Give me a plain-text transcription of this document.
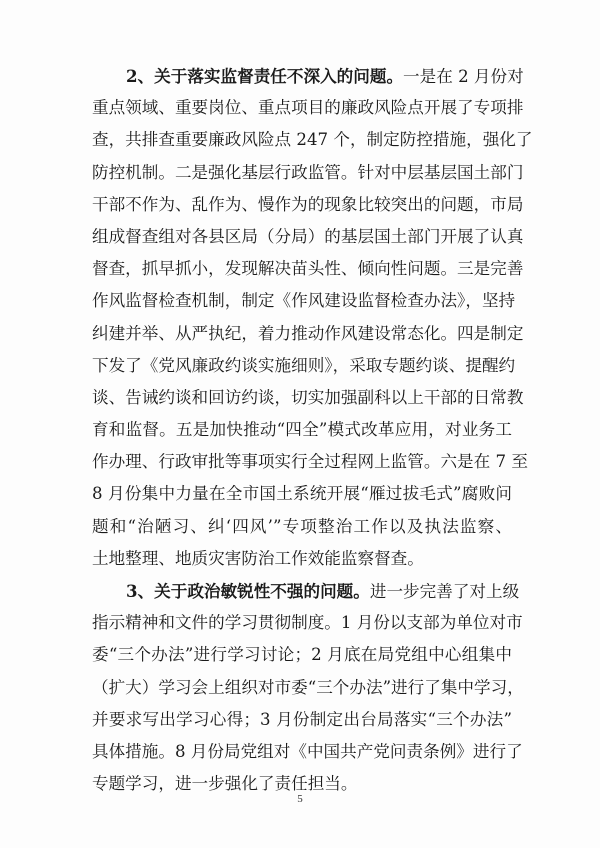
2、关于落实监督责任不深入的问题。一是在 2 月份对
重点领域、重要岗位、重点项目的廉政风险点开展了专项排
查，共排查重要廉政风险点 247 个，制定防控措施，强化了
防控机制。二是强化基层行政监管。针对中层基层国土部门
干部不作为、乱作为、慢作为的现象比较突出的问题，市局
组成督查组对各县区局（分局）的基层国土部门开展了认真
督查，抓早抓小，发现解决苗头性、倾向性问题。三是完善
作风监督检查机制，制定《作风建设监督检查办法》，坚持
纠建并举、从严执纪，着力推动作风建设常态化。四是制定
下发了《党风廉政约谈实施细则》，采取专题约谈、提醒约
谈、告诫约谈和回访约谈，切实加强副科以上干部的日常教
育和监督。五是加快推动“四全”模式改革应用，对业务工
作办理、行政审批等事项实行全过程网上监管。六是在 7 至
8 月份集中力量在全市国土系统开展“雁过拔毛式”腐败问
题和“治陋习、纠‘四风’”专项整治工作以及执法监察、
土地整理、地质灾害防治工作效能监察督查。
3、关于政治敏锐性不强的问题。进一步完善了对上级
指示精神和文件的学习贯彻制度。1 月份以支部为单位对市
委“三个办法”进行学习讨论；2 月底在局党组中心组集中
（扩大）学习会上组织对市委“三个办法”进行了集中学习，
并要求写出学习心得；3 月份制定出台局落实“三个办法”
具体措施。8 月份局党组对《中国共产党问责条例》进行了
专题学习，进一步强化了责任担当。
5
